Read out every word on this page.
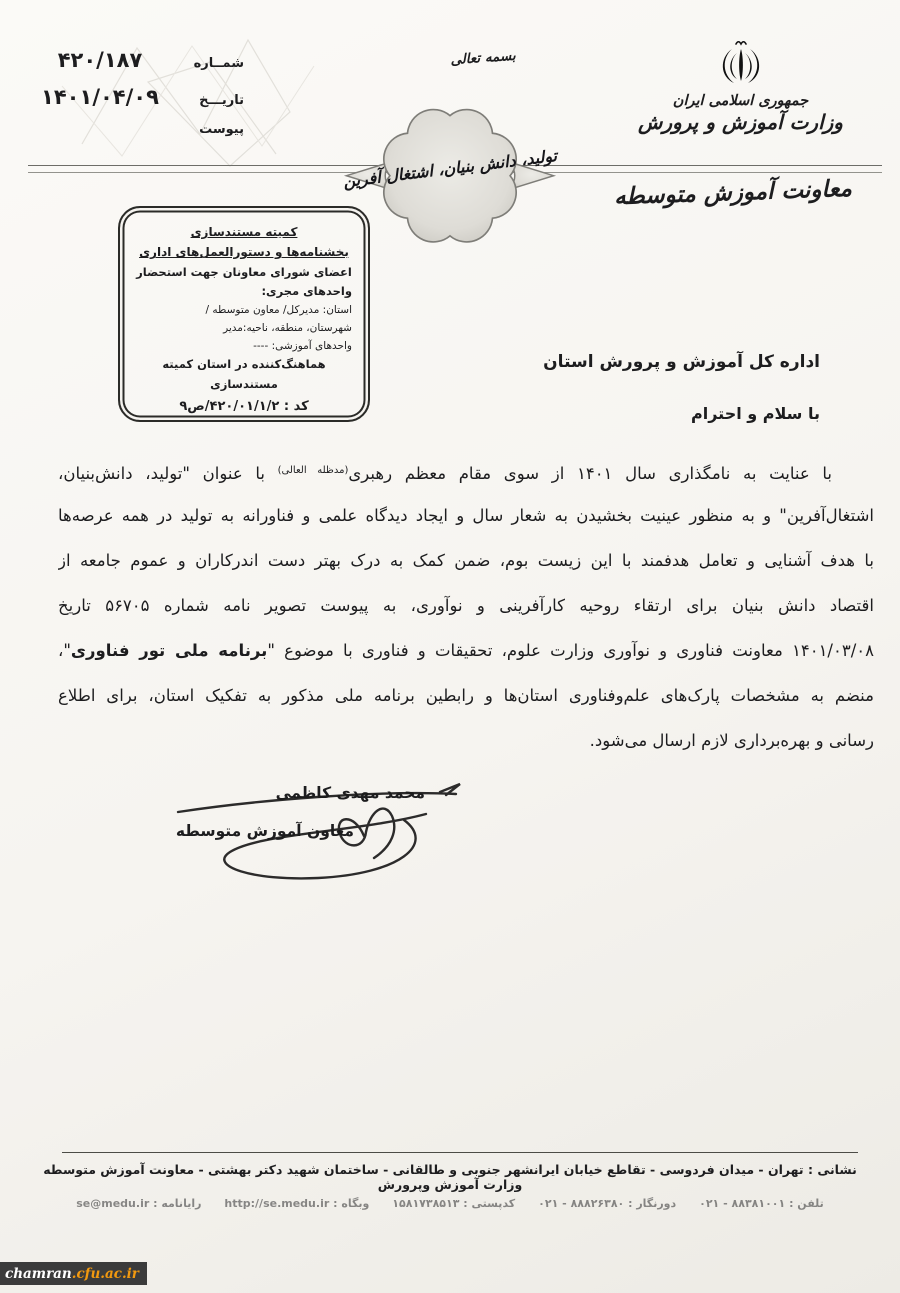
۴۲۰/۱۸۷	شمــاره
۱۴۰۱/۰۴/۰۹	تاریـــخ
پیوست
بسمه تعالی
تولید، دانش بنیان، اشتغال آفرین
جمهوری اسلامی ایران
وزارت آموزش و پرورش
معاونت آموزش متوسطه
کمیته مستندسازی
بخشنامه‌ها و دستورالعمل‌های اداری
اعضای شورای معاونان جهت استحضار
واحدهای مجری:
استان: مدیرکل/ معاون متوسطه /
شهرستان، منطقه، ناحیه:مدیر
واحدهای آموزشی: ----
هماهنگ‌کننده در استان کمیته مستندسازی
کد : ۴۲۰/۰۱/۱/۲/ص۹
اداره کل آموزش و پرورش استان
با سلام و احترام
با عنایت به نامگذاری سال ۱۴۰۱ از سوی مقام معظم رهبری$^{(مدظله العالی)}$ با عنوان "تولید، دانش‌بنیان،
اشتغال‌آفرین" و به منظور عینیت بخشیدن به شعار سال و ایجاد دیدگاه علمی و فناورانه به تولید در همه عرصه‌ها
با هدف آشنایی و تعامل هدفمند با این زیست بوم، ضمن کمک به درک بهتر دست اندرکاران و عموم جامعه از
اقتصاد دانش بنیان برای ارتقاء روحیه کارآفرینی و نوآوری، به پیوست تصویر نامه شماره ۵۶۷۰۵ تاریخ
۱۴۰۱/۰۳/۰۸ معاونت فناوری و نوآوری وزارت علوم، تحقیقات و فناوری با موضوع "برنامه ملی تور فناوری"،
منضم به مشخصات پارک‌های علم‌وفناوری استان‌ها و رابطین برنامه ملی مذکور به تفکیک استان، برای اطلاع
رسانی و بهره‌برداری لازم ارسال می‌شود.
محمد مهدی کاظمی
معاون آموزش متوسطه
نشانی : تهران - میدان فردوسی - تقاطع خیابان ایرانشهر جنوبی و طالقانی - ساختمان شهید دکتر بهشتی - معاونت آموزش متوسطه وزارت آموزش وپرورش
تلفن : ۸۸۳۸۱۰۰۱ - ۰۲۱      دورنگار : ۸۸۸۲۶۳۸۰ - ۰۲۱      کدپستی : ۱۵۸۱۷۳۸۵۱۳      وبگاه : http://se.medu.ir      رایانامه : se@medu.ir
chamran .cfu.ac.ir
